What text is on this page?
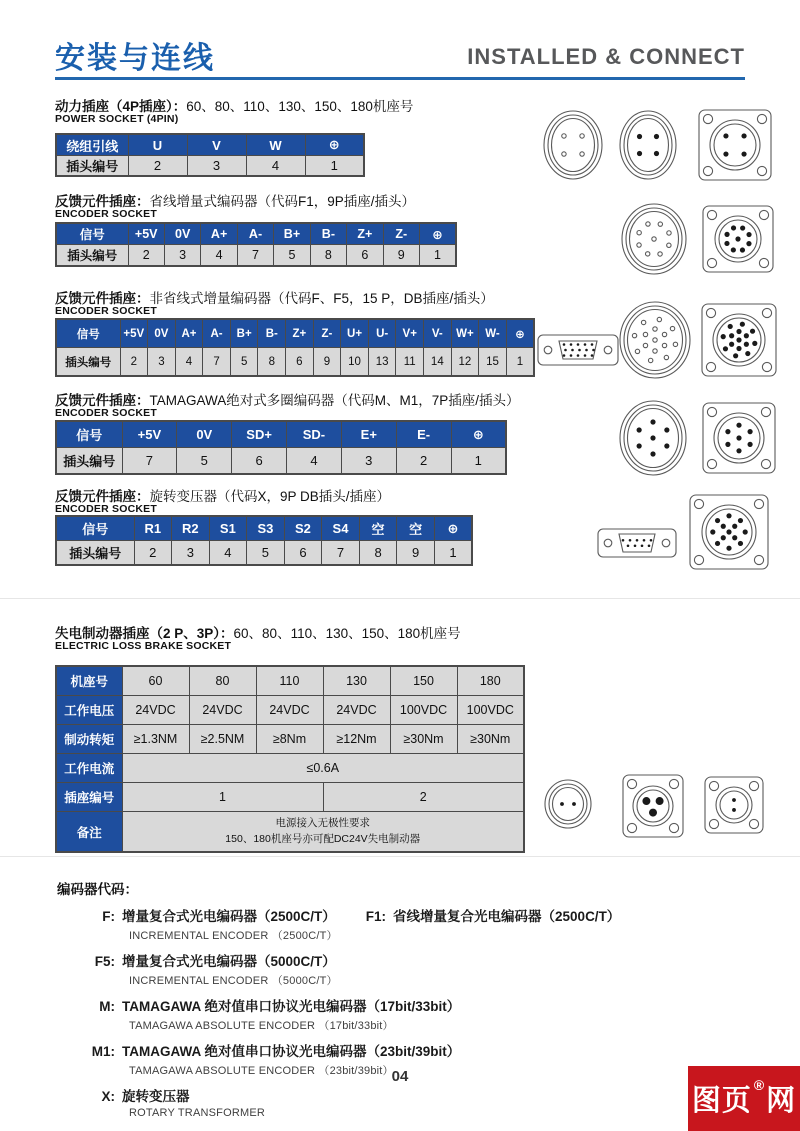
安装与连线	INSTALLED & CONNECT
动力插座（4P插座）：60、80、110、130、150、180机座号
POWER SOCKET (4PIN)
绕组引线	U	V	W	⊕
插头编号	2	3	4	1
反馈元件插座：省线增量式编码器（代码F1，9P插座/插头）
ENCODER SOCKET
信号	+5V	0V	A+	A-	B+	B-	Z+	Z-	⊕
插头编号	2	3	4	7	5	8	6	9	1
反馈元件插座：非省线式增量编码器（代码F、F5，15 P，DB插座/插头）
ENCODER SOCKET
信号	+5V	0V	A+	A-	B+	B-	Z+	Z-	U+	U-	V+	V-	W+	W-	⊕
插头编号	2	3	4	7	5	8	6	9	10	13	11	14	12	15	1
反馈元件插座：TAMAGAWA绝对式多圈编码器（代码M、M1，7P插座/插头）
ENCODER SOCKET
信号	+5V	0V	SD+	SD-	E+	E-	⊕
插头编号	7	5	6	4	3	2	1
反馈元件插座：旋转变压器（代码X，9P DB插头/插座）
ENCODER SOCKET
信号	R1	R2	S1	S3	S2	S4	空	空	⊕
插头编号	2	3	4	5	6	7	8	9	1
失电制动器插座（2 P、3P）：60、80、110、130、150、180机座号
ELECTRIC LOSS BRAKE SOCKET
机座号	60	80	110	130	150	180
工作电压	24VDC	24VDC	24VDC	24VDC	100VDC	100VDC
制动转矩	≥1.3NM	≥2.5NM	≥8Nm	≥12Nm	≥30Nm	≥30Nm
工作电流	≤0.6A					
插座编号	1			2		
备注	电源接入无极性要求
150、180机座号亦可配DC24V失电制动器					
编码器代码：
F: 增量复合式光电编码器（2500C/T） F1: 省线增量复合光电编码器（2500C/T）
INCREMENTAL ENCODER （2500C/T）
F5: 增量复合式光电编码器（5000C/T）
INCREMENTAL ENCODER （5000C/T）
M: TAMAGAWA 绝对值串口协议光电编码器（17bit/33bit）
TAMAGAWA ABSOLUTE ENCODER （17bit/33bit）
M1: TAMAGAWA 绝对值串口协议光电编码器（23bit/39bit）
TAMAGAWA ABSOLUTE ENCODER （23bit/39bit）
X: 旋转变压器
ROTARY TRANSFORMER
04
图页
®
网
